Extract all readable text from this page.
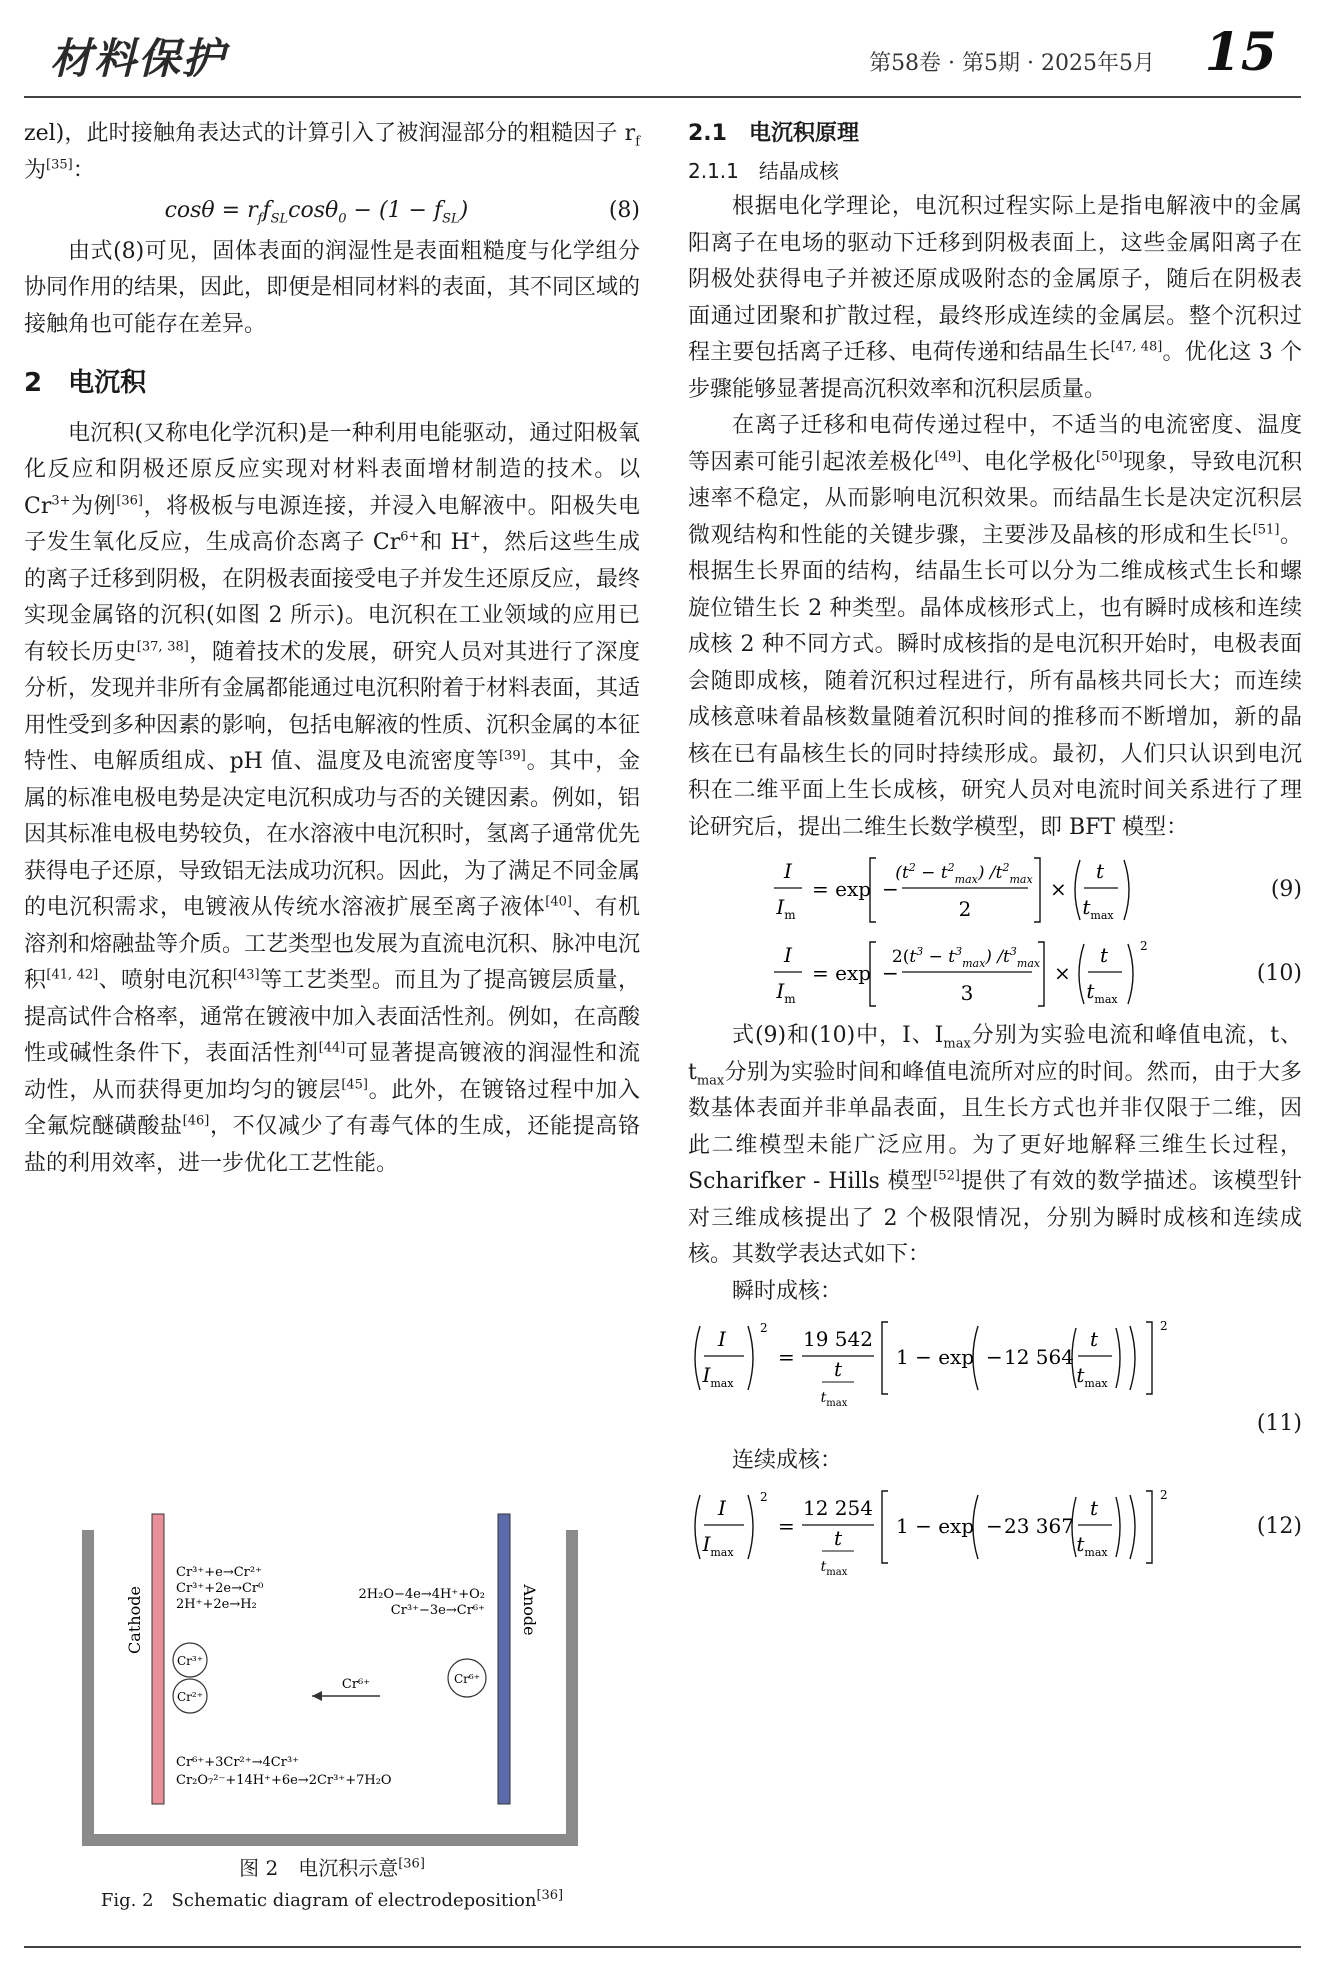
材料保护	第58卷 · 第5期 · 2025年5月 15

zel)，此时接触角表达式的计算引入了被润湿部分的粗糙因子 $r_f$ 为[35]：

$\cos\theta = r_ff_{SL}\cos\theta_0 - (1 - f_{SL})$	(8)

由式(8)可见，固体表面的润湿性是表面粗糙度与化学组分协同作用的结果，因此，即便是相同材料的表面，其不同区域的接触角也可能存在差异。

2　电沉积

电沉积(又称电化学沉积)是一种利用电能驱动，通过阳极氧化反应和阴极还原反应实现对材料表面增材制造的技术。以 $Cr^{3+}$为例[36]，将极板与电源连接，并浸入电解液中。阳极失电子发生氧化反应，生成高价态离子 $Cr^{6+}$和 H+，然后这些生成的离子迁移到阴极，在阴极表面接受电子并发生还原反应，最终实现金属铬的沉积(如图 2 所示)。电沉积在工业领域的应用已有较长历史[37, 38]，随着技术的发展，研究人员对其进行了深度分析，发现并非所有金属都能通过电沉积附着于材料表面，其适用性受到多种因素的影响，包括电解液的性质、沉积金属的本征特性、电解质组成、pH 值、温度及电流密度等[39]。其中，金属的标准电极电势是决定电沉积成功与否的关键因素。例如，铝因其标准电极电势较负，在水溶液中电沉积时，氢离子通常优先获得电子还原，导致铝无法成功沉积。因此，为了满足不同金属的电沉积需求，电镀液从传统水溶液扩展至离子液体[40]、有机溶剂和熔融盐等介质。工艺类型也发展为直流电沉积、脉冲电沉积[41, 42]、喷射电沉积[43]等工艺类型。而且为了提高镀层质量，提高试件合格率，通常在镀液中加入表面活性剂。例如，在高酸性或碱性条件下，表面活性剂[44]可显著提高镀液的润湿性和流动性，从而获得更加均匀的镀层[45]。此外，在镀铬过程中加入全氟烷醚磺酸盐[46]，不仅减少了有毒气体的生成，还能提高铬盐的利用效率，进一步优化工艺性能。

Cathode	Anode
Cr³⁺+e→Cr²⁺
Cr³⁺+2e→Cr⁰
2H⁺+2e→H₂
2H₂O−4e→4H⁺+O₂
Cr³⁺−3e→Cr⁶⁺
Cr³⁺
Cr²⁺
Cr⁶⁺
Cr⁶⁺
Cr⁶⁺+3Cr²⁺→4Cr³⁺
Cr₂O₇²⁻+14H⁺+6e→2Cr³⁺+7H₂O
图 2　电沉积示意[36]
Fig. 2　Schematic diagram of electrodeposition[36]
2.1　电沉积原理
2.1.1　结晶成核

根据电化学理论，电沉积过程实际上是指电解液中的金属阳离子在电场的驱动下迁移到阴极表面上，这些金属阳离子在阴极处获得电子并被还原成吸附态的金属原子，随后在阴极表面通过团聚和扩散过程，最终形成连续的金属层。整个沉积过程主要包括离子迁移、电荷传递和结晶生长[47, 48]。优化这 3 个步骤能够显著提高沉积效率和沉积层质量。

在离子迁移和电荷传递过程中，不适当的电流密度、温度等因素可能引起浓差极化[49]、电化学极化[50]现象，导致电沉积速率不稳定，从而影响电沉积效果。而结晶生长是决定沉积层微观结构和性能的关键步骤，主要涉及晶核的形成和生长[51]。根据生长界面的结构，结晶生长可以分为二维成核式生长和螺旋位错生长 2 种类型。晶体成核形式上，也有瞬时成核和连续成核 2 种不同方式。瞬时成核指的是电沉积开始时，电极表面会随即成核，随着沉积过程进行，所有晶核共同长大；而连续成核意味着晶核数量随着沉积时间的推移而不断增加，新的晶核在已有晶核生长的同时持续形成。最初，人们只认识到电沉积在二维平面上生长成核，研究人员对电流时间关系进行了理论研究后，提出二维生长数学模型，即 BFT 模型：

I
$I_m$
= exp −
$(t^2 - t^2_{max})$ $/t^2_{max}$
2
×
t
$t_{max}$
(9)
I
$I_m$
= exp −
$2(t^3 - t^3_{max})$ $/t^3_{max}$
3
×
t
$t_{max}$
2
(10)

式(9)和(10)中，I、$I_{max}$分别为实验电流和峰值电流，t、$t_{max}$分别为实验时间和峰值电流所对应的时间。然而，由于大多数基体表面并非单晶表面，且生长方式也并非仅限于二维，因此二维模型未能广泛应用。为了更好地解释三维生长过程，Scharifker - Hills 模型[52]提供了有效的数学描述。该模型针对三维成核提出了 2 个极限情况，分别为瞬时成核和连续成核。其数学表达式如下：

瞬时成核：

I
$I_{max}$
2
=
19 542
t
$t_{max}$
1 − exp − 12 564
t
$t_{max}$
2
(11)

连续成核：

I
$I_{max}$
2
=
12 254
t
$t_{max}$
1 − exp − 23 367
t
$t_{max}$
2
(12)
